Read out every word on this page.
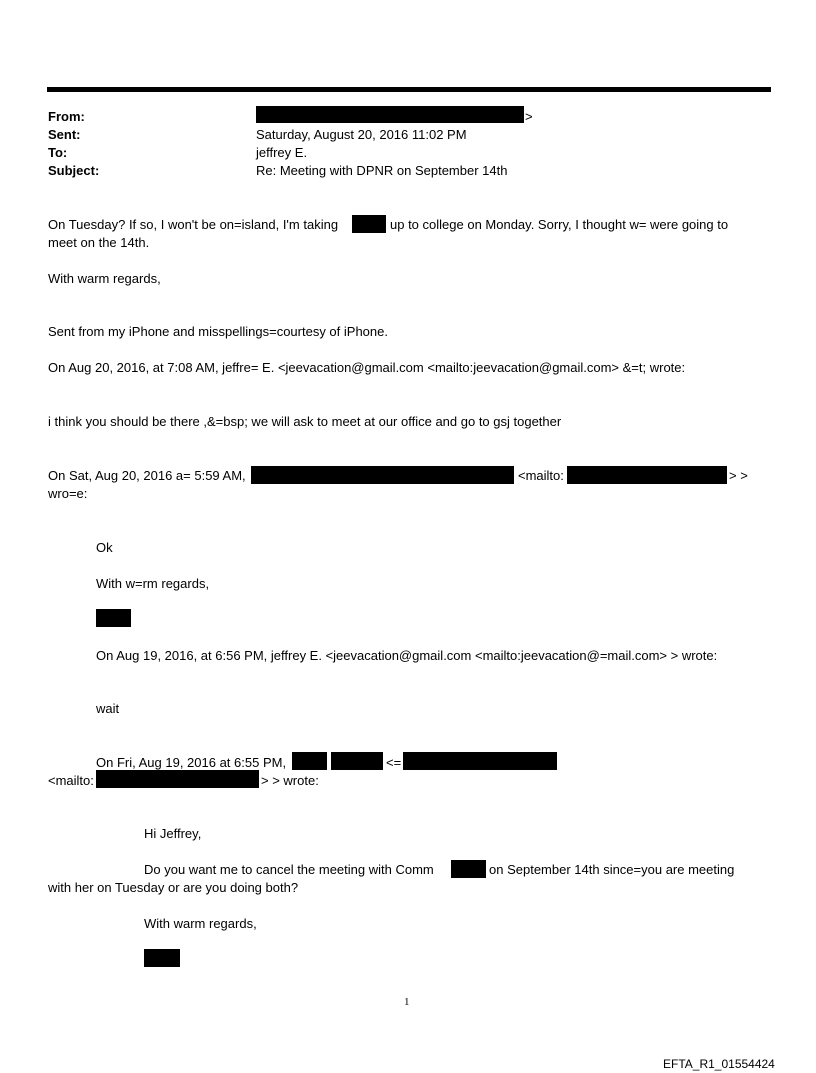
From:	>
Sent:	Saturday, August 20, 2016 11:02 PM
To:	jeffrey E.
Subject:	Re: Meeting with DPNR on September 14th
On Tuesday? If so, I won't be on=island, I'm taking	up to college on Monday. Sorry, I thought w= were going to
meet on the 14th.
With warm regards,
Sent from my iPhone and misspellings=courtesy of iPhone.
On Aug 20, 2016, at 7:08 AM, jeffre= E. <jeevacation@gmail.com <mailto:jeevacation@gmail.com> &=t; wrote:
i think you should be there ,&=bsp; we will ask to meet at our office and go to gsj together
On Sat, Aug 20, 2016 a= 5:59 AM,	<mailto:	> >
wro=e:
Ok
With w=rm regards,
On Aug 19, 2016, at 6:56 PM, jeffrey E. <jeevacation@gmail.com <mailto:jeevacation@=mail.com> > wrote:
wait
On Fri, Aug 19, 2016 at 6:55 PM,	<=
<mailto:	> > wrote:
Hi Jeffrey,
Do you want me to cancel the meeting with Comm	on September 14th since=you are meeting
with her on Tuesday or are you doing both?
With warm regards,
1
EFTA_R1_01554424
